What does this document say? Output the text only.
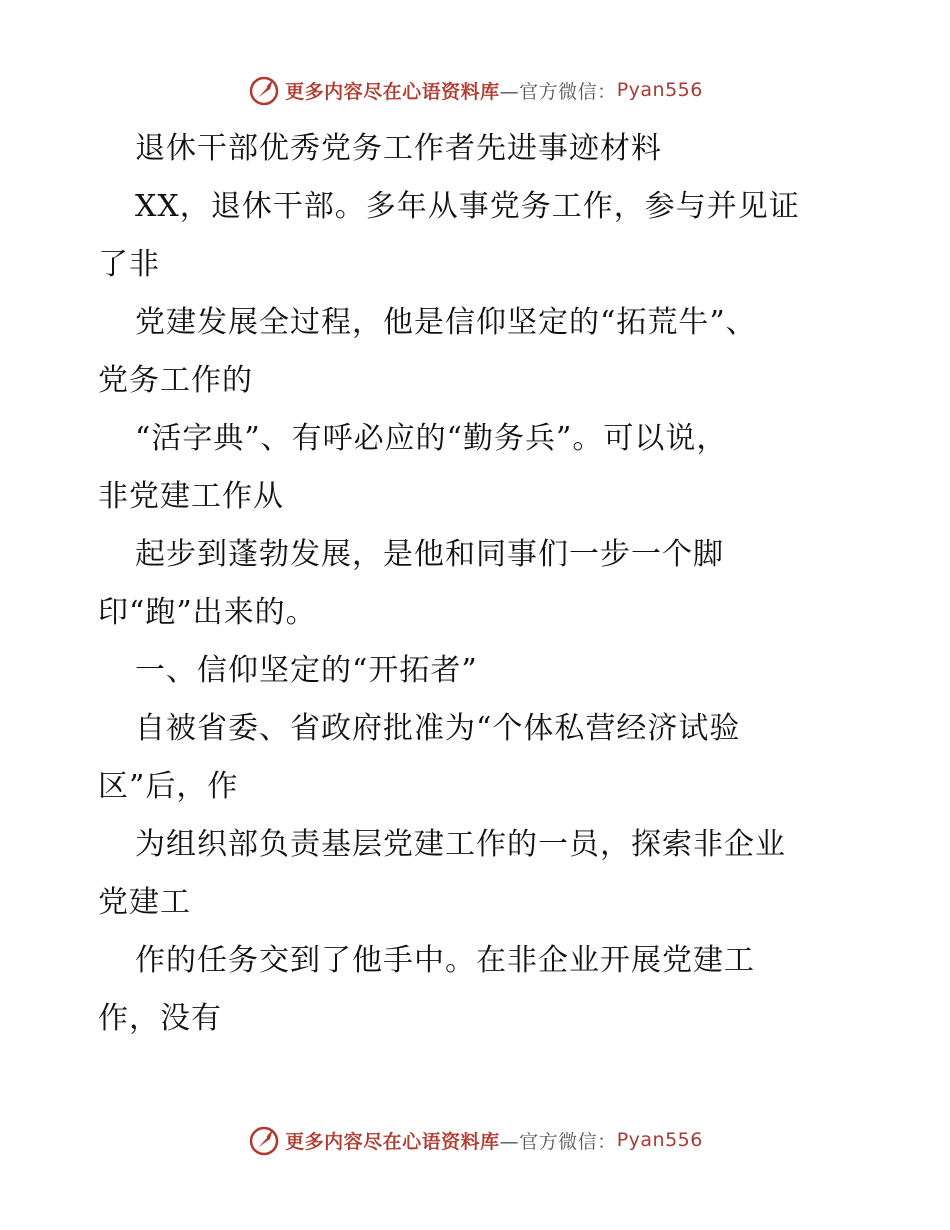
更多内容尽在心语资料库 —官方微信： Pyan556
退休干部优秀党务工作者先进事迹材料
XX，退休干部。多年从事党务工作，参与并见证
了非
党建发展全过程，他是信仰坚定的“拓荒牛”、
党务工作的
“活字典”、有呼必应的“勤务兵”。可以说，
非党建工作从
起步到蓬勃发展，是他和同事们一步一个脚
印“跑”出来的。
一、信仰坚定的“开拓者”
自被省委、省政府批准为“个体私营经济试验
区”后，作
为组织部负责基层党建工作的一员，探索非企业
党建工
作的任务交到了他手中。在非企业开展党建工
作，没有
更多内容尽在心语资料库 —官方微信： Pyan556
